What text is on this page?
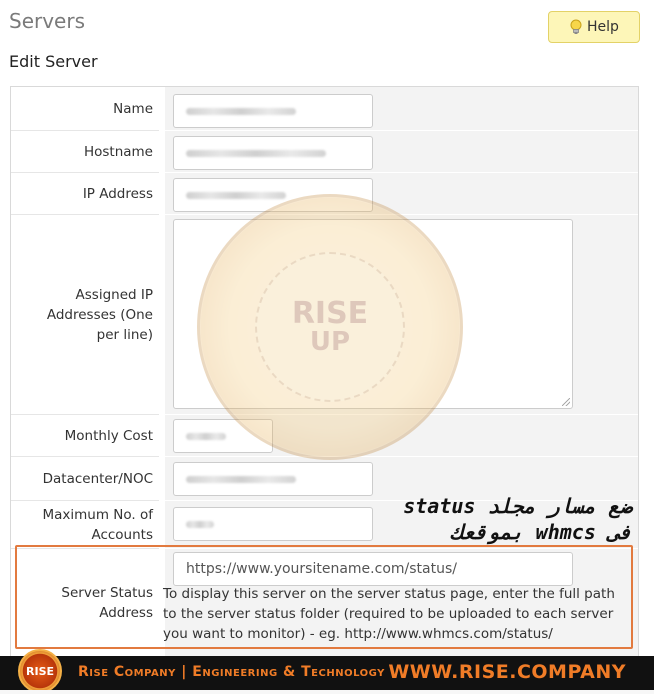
Servers	Help
Edit Server
Name
Hostname
IP Address
Assigned IP Addresses (One per line)
Monthly Cost
Datacenter/NOC
Maximum No. of Accounts
Server Status Address
https://www.yoursitename.com/status/
To display this server on the server status page, enter the full path to the server status folder (required to be uploaded to each server you want to monitor) - eg. http://www.whmcs.com/status/
ضع مسار مجلد status
فى whmcs بموقعك
RISE
UP
RISE	Rise Company | Engineering & Technology WWW.RISE.COMPANY
